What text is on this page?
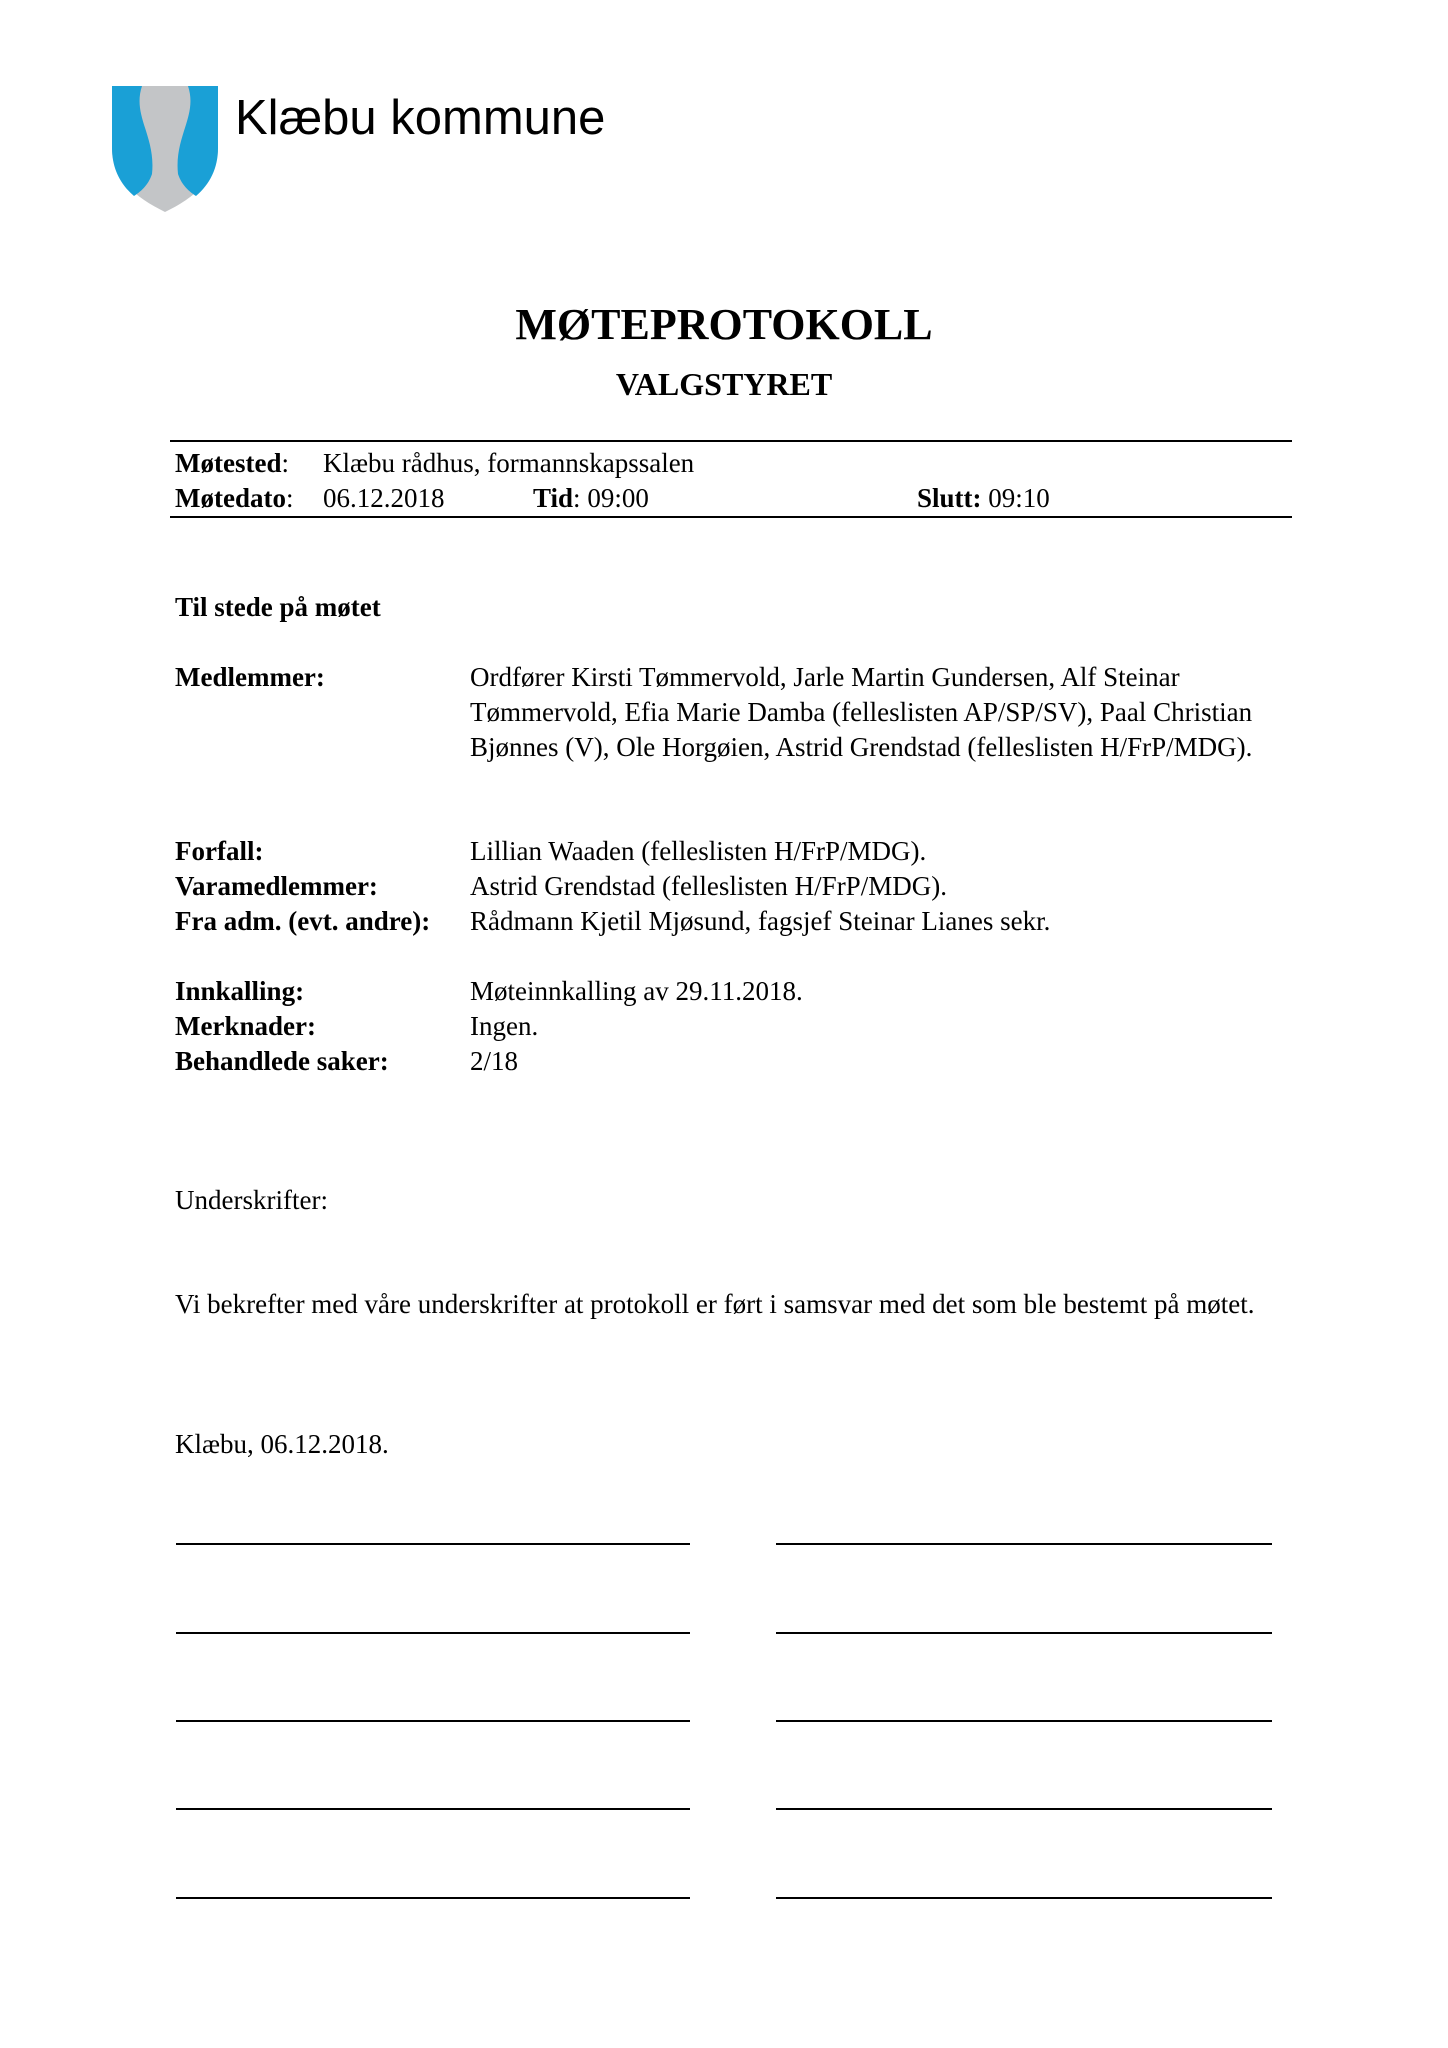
Klæbu kommune
MØTEPROTOKOLL
VALGSTYRET
Møtested: Klæbu rådhus, formannskapssalen
Møtedato: 06.12.2018	Tid: 09:00	Slutt: 09:10
Til stede på møtet
Medlemmer:	Ordfører Kirsti Tømmervold, Jarle Martin Gundersen, Alf Steinar Tømmervold, Efia Marie Damba (felleslisten AP/SP/SV), Paal Christian Bjønnes (V), Ole Horgøien, Astrid Grendstad (felleslisten H/FrP/MDG).
Forfall:	Lillian Waaden (felleslisten H/FrP/MDG).
Varamedlemmer:	Astrid Grendstad (felleslisten H/FrP/MDG).
Fra adm. (evt. andre): Rådmann Kjetil Mjøsund, fagsjef Steinar Lianes sekr.
Innkalling:	Møteinnkalling av 29.11.2018.
Merknader:	Ingen.
Behandlede saker:	2/18
Underskrifter:
Vi bekrefter med våre underskrifter at protokoll er ført i samsvar med det som ble bestemt på møtet.
Klæbu, 06.12.2018.
